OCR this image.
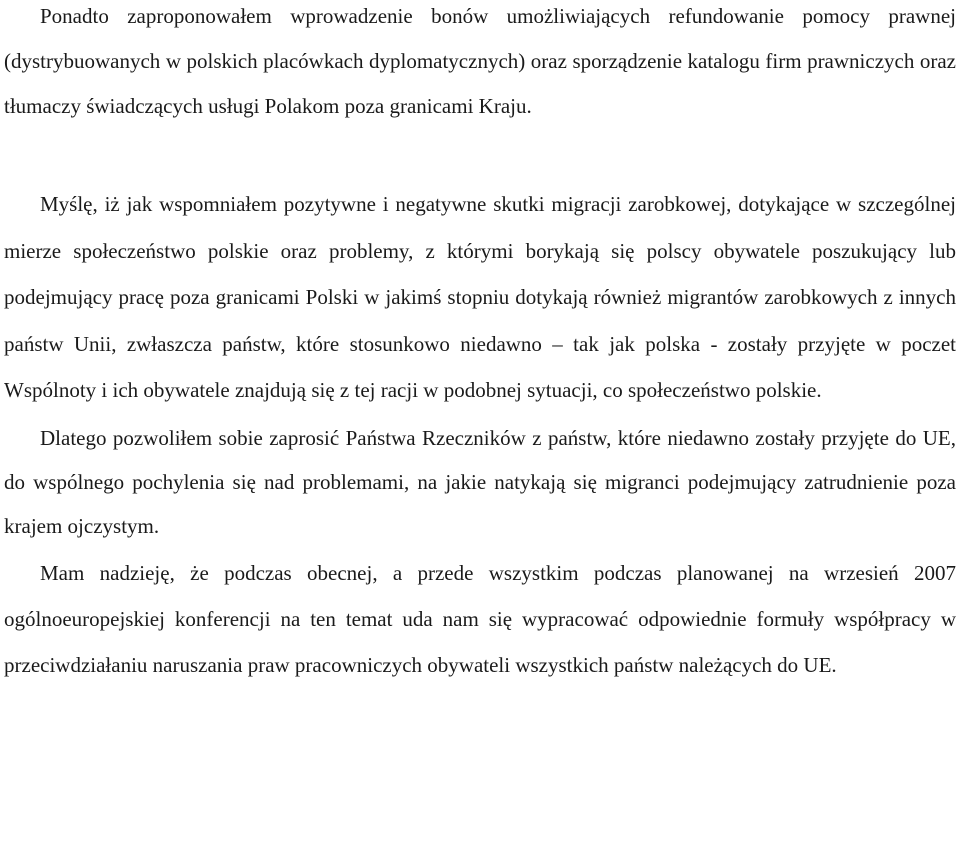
Ponadto zaproponowałem wprowadzenie bonów umożliwiających refundowanie pomocy prawnej (dystrybuowanych w polskich placówkach dyplomatycznych) oraz sporządzenie katalogu firm prawniczych oraz tłumaczy świadczących usługi Polakom poza granicami Kraju.

Myślę, iż jak wspomniałem pozytywne i negatywne skutki migracji zarobkowej, dotykające w szczególnej mierze społeczeństwo polskie oraz problemy, z którymi borykają się polscy obywatele poszukujący lub podejmujący pracę poza granicami Polski w jakimś stopniu dotykają również migrantów zarobkowych z innych państw Unii, zwłaszcza państw, które stosunkowo niedawno – tak jak polska - zostały przyjęte w poczet Wspólnoty i ich obywatele znajdują się z tej racji w podobnej sytuacji, co społeczeństwo polskie.

Dlatego pozwoliłem sobie zaprosić Państwa Rzeczników z państw, które niedawno zostały przyjęte do UE, do wspólnego pochylenia się nad problemami, na jakie natykają się migranci podejmujący zatrudnienie poza krajem ojczystym.

Mam nadzieję, że podczas obecnej, a przede wszystkim podczas planowanej na wrzesień 2007 ogólnoeuropejskiej konferencji na ten temat uda nam się wypracować odpowiednie formuły współpracy w przeciwdziałaniu naruszania praw pracowniczych obywateli wszystkich państw należących do UE.
